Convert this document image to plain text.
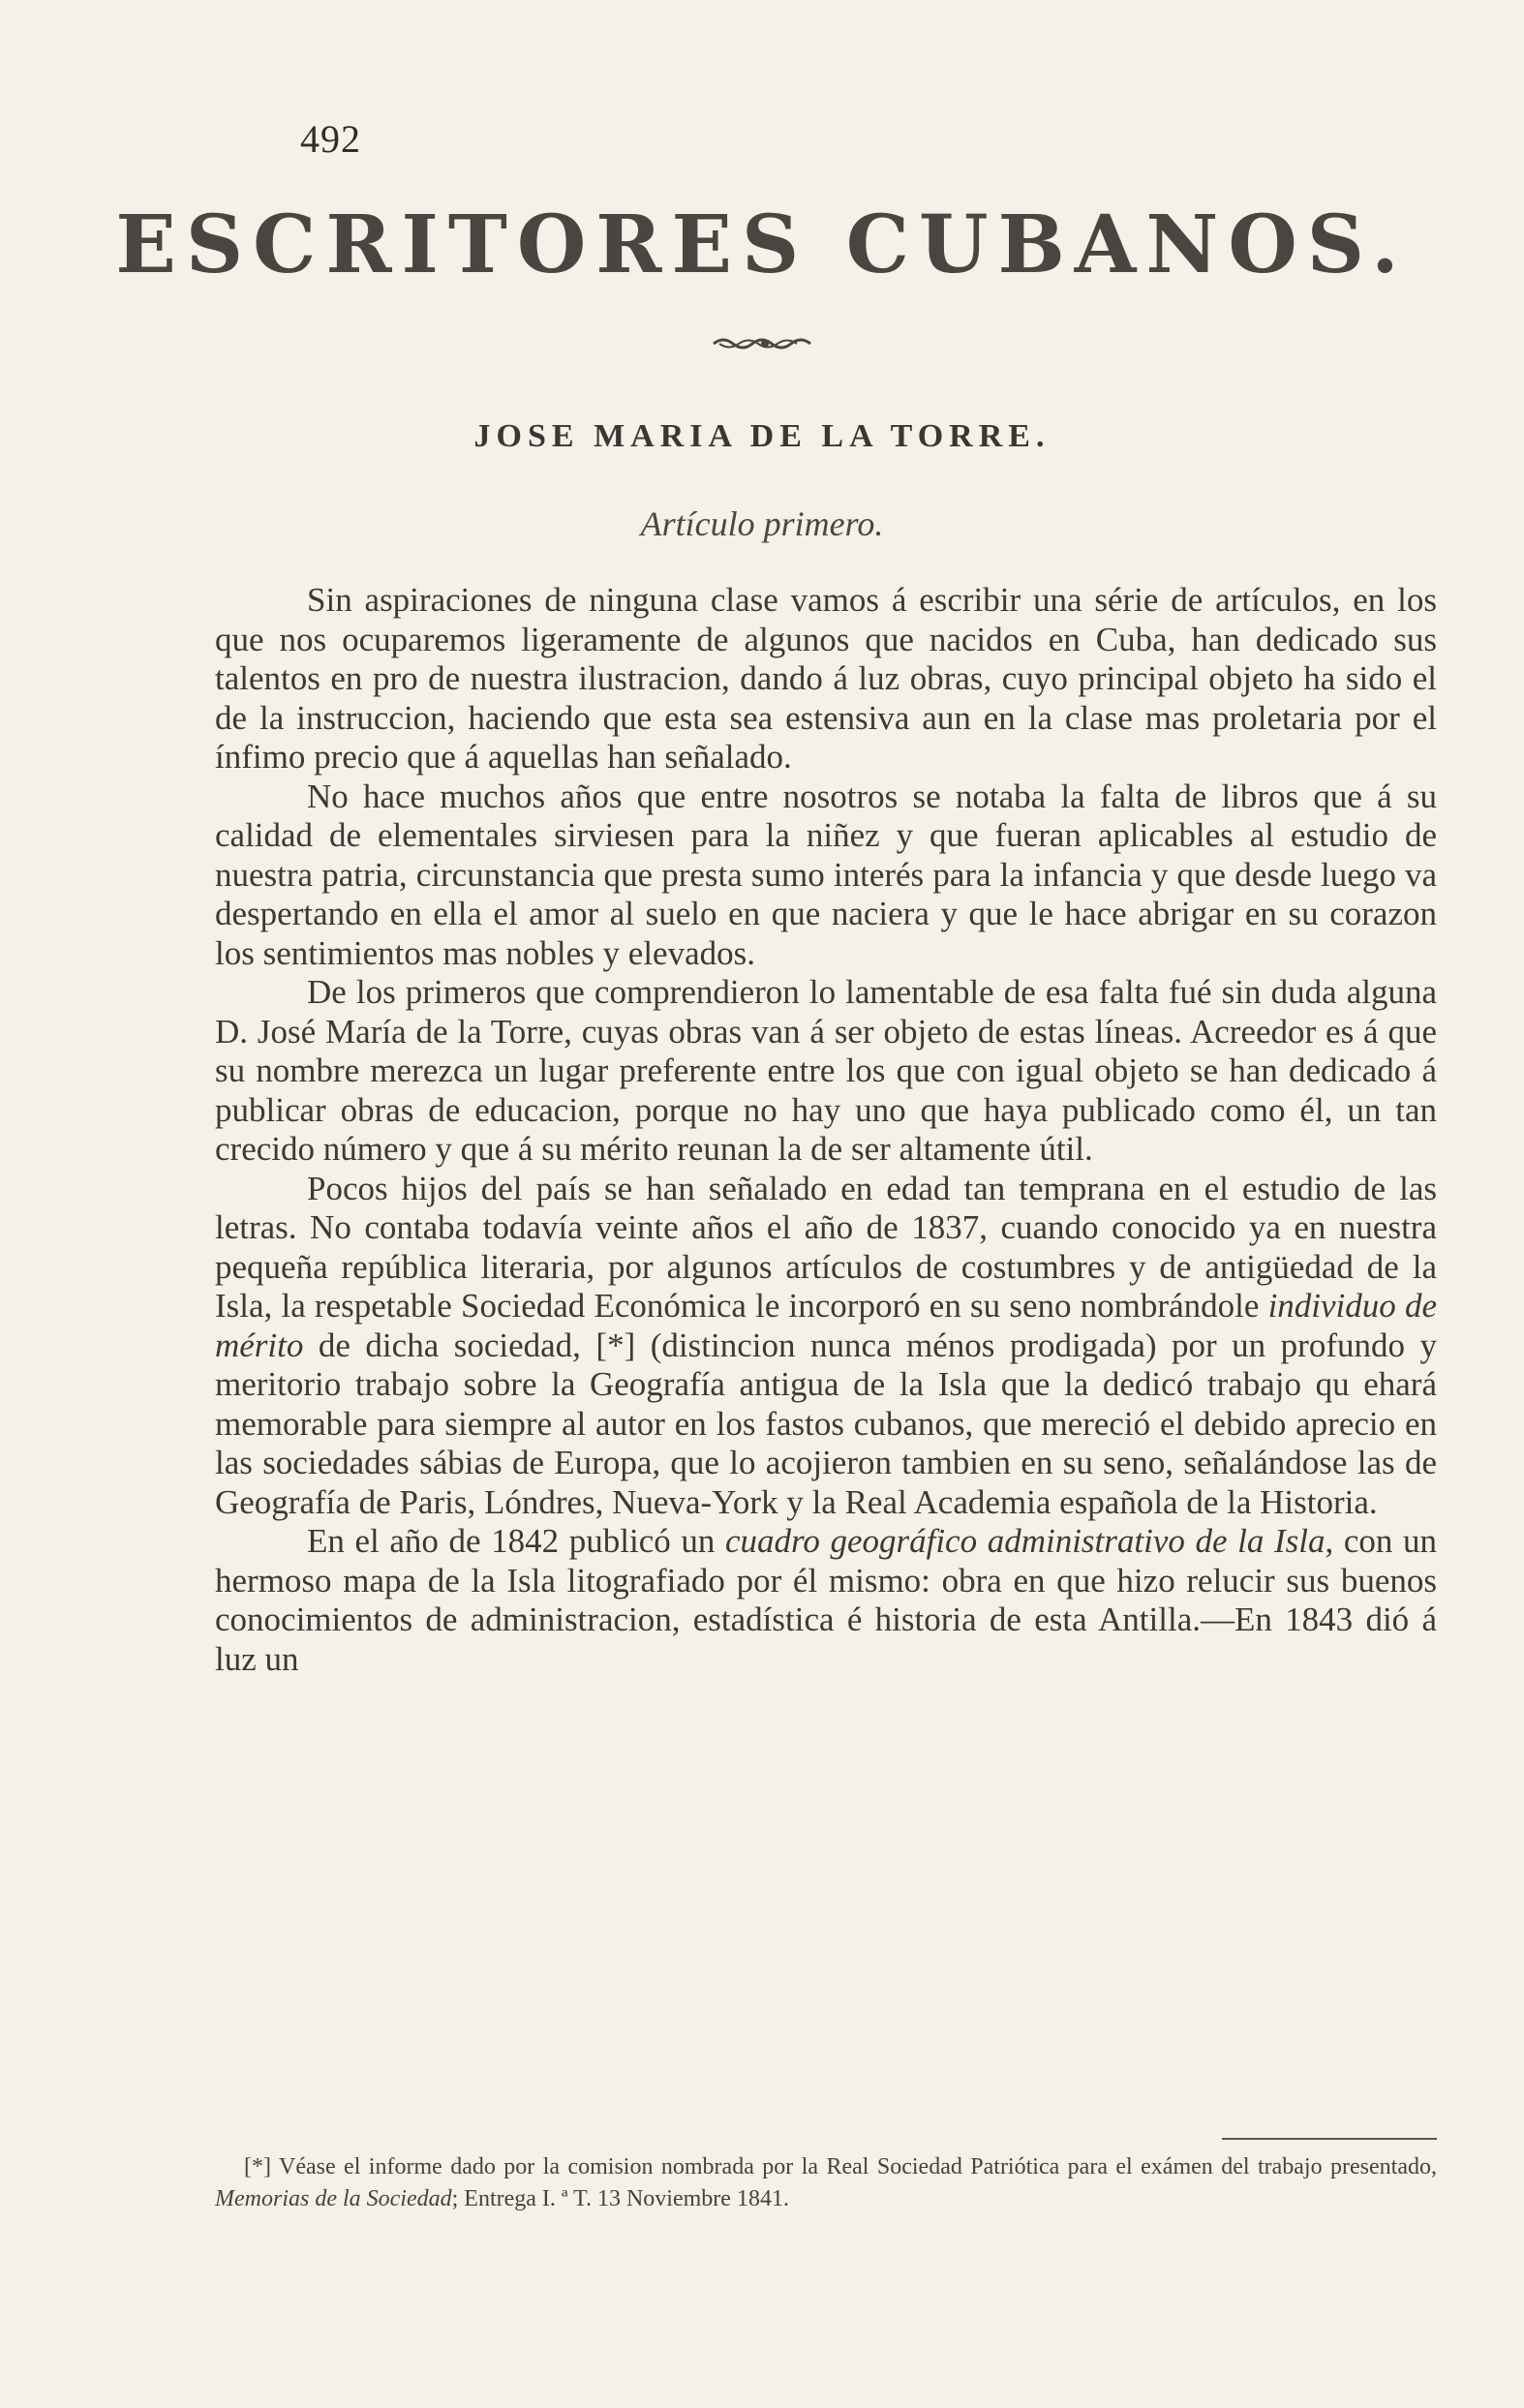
492
ESCRITORES CUBANOS.
JOSE MARIA DE LA TORRE.
Artículo primero.

Sin aspiraciones de ninguna clase vamos á escribir una série de artículos, en los que nos ocuparemos ligeramente de algunos que nacidos en Cuba, han dedicado sus talentos en pro de nuestra ilustracion, dando á luz obras, cuyo principal objeto ha sido el de la instruccion, haciendo que esta sea estensiva aun en la clase mas proletaria por el ínfimo precio que á aquellas han señalado.

No hace muchos años que entre nosotros se notaba la falta de libros que á su calidad de elementales sirviesen para la niñez y que fueran aplicables al estudio de nuestra patria, circunstancia que presta sumo interés para la infancia y que desde luego va despertando en ella el amor al suelo en que naciera y que le hace abrigar en su corazon los sentimientos mas nobles y elevados.

De los primeros que comprendieron lo lamentable de esa falta fué sin duda alguna D. José María de la Torre, cuyas obras van á ser objeto de estas líneas. Acreedor es á que su nombre merezca un lugar preferente entre los que con igual objeto se han dedicado á publicar obras de educacion, porque no hay uno que haya publicado como él, un tan crecido número y que á su mérito reunan la de ser altamente útil.

Pocos hijos del país se han señalado en edad tan temprana en el estudio de las letras. No contaba todavía veinte años el año de 1837, cuando conocido ya en nuestra pequeña república literaria, por algunos artículos de costumbres y de antigüedad de la Isla, la respetable Sociedad Económica le incorporó en su seno nombrándole individuo de mérito de dicha sociedad, [*] (distincion nunca ménos prodigada) por un profundo y meritorio trabajo sobre la Geografía antigua de la Isla que la dedicó trabajo qu ehará memorable para siempre al autor en los fastos cubanos, que mereció el debido aprecio en las sociedades sábias de Europa, que lo acojieron tambien en su seno, señalándose las de Geografía de Paris, Lóndres, Nueva-York y la Real Academia española de la Historia.

En el año de 1842 publicó un cuadro geográfico administrativo de la Isla, con un hermoso mapa de la Isla litografiado por él mismo: obra en que hizo relucir sus buenos conocimientos de administracion, estadística é historia de esta Antilla.—En 1843 dió á luz un

[*] Véase el informe dado por la comision nombrada por la Real Sociedad Patriótica para el exámen del trabajo presentado, Memorias de la Sociedad; Entrega I. ª T. 13 Noviembre 1841.
